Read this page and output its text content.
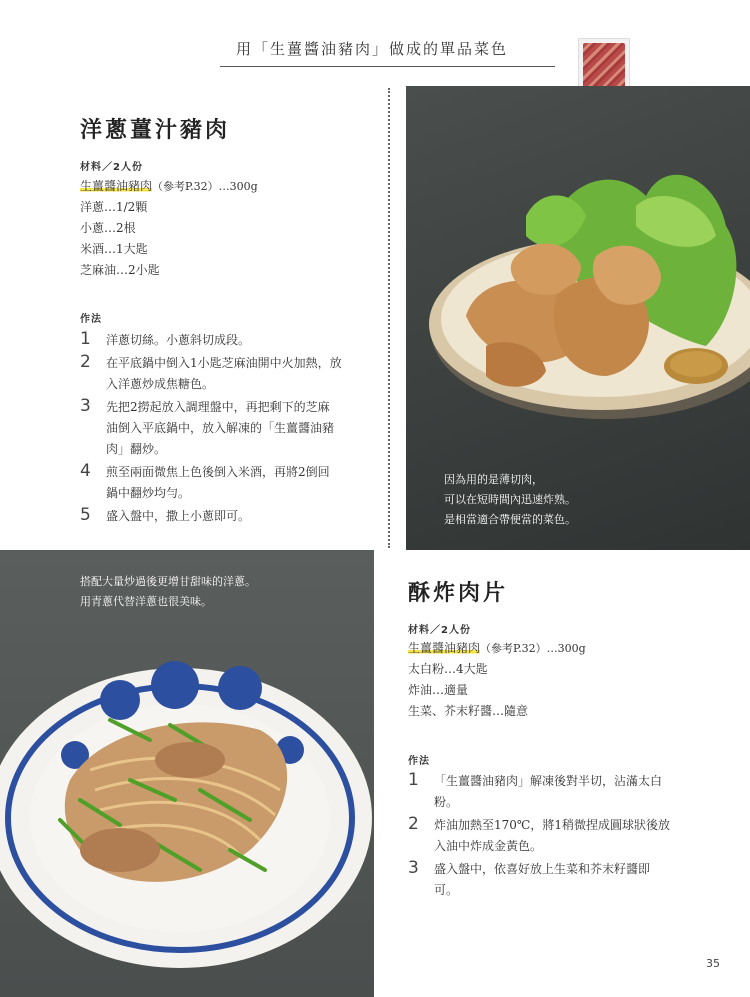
用「生薑醬油豬肉」做成的單品菜色
洋蔥薑汁豬肉
材料／2人份
生薑醬油豬肉（參考P.32）…300g
洋蔥…1/2顆
小蔥…2根
米酒…1大匙
芝麻油…2小匙
作法
1 洋蔥切絲。小蔥斜切成段。
2 在平底鍋中倒入1小匙芝麻油開中火加熱，放
入洋蔥炒成焦糖色。
3 先把2撈起放入調理盤中，再把剩下的芝麻
油倒入平底鍋中，放入解凍的「生薑醬油豬
肉」翻炒。
4 煎至兩面微焦上色後倒入米酒，再將2倒回
鍋中翻炒均勻。
5 盛入盤中，撒上小蔥即可。
因為用的是薄切肉，
可以在短時間內迅速炸熟。
是相當適合帶便當的菜色。
搭配大量炒過後更增甘甜味的洋蔥。
用青蔥代替洋蔥也很美味。	酥炸肉片
材料／2人份
生薑醬油豬肉（參考P.32）…300g
太白粉…4大匙
炸油…適量
生菜、芥末籽醬…隨意
作法
1 「生薑醬油豬肉」解凍後對半切，沾滿太白
粉。
2 炸油加熱至170℃，將1稍微捏成圓球狀後放
入油中炸成金黃色。
3 盛入盤中，依喜好放上生菜和芥末籽醬即
可。
35
